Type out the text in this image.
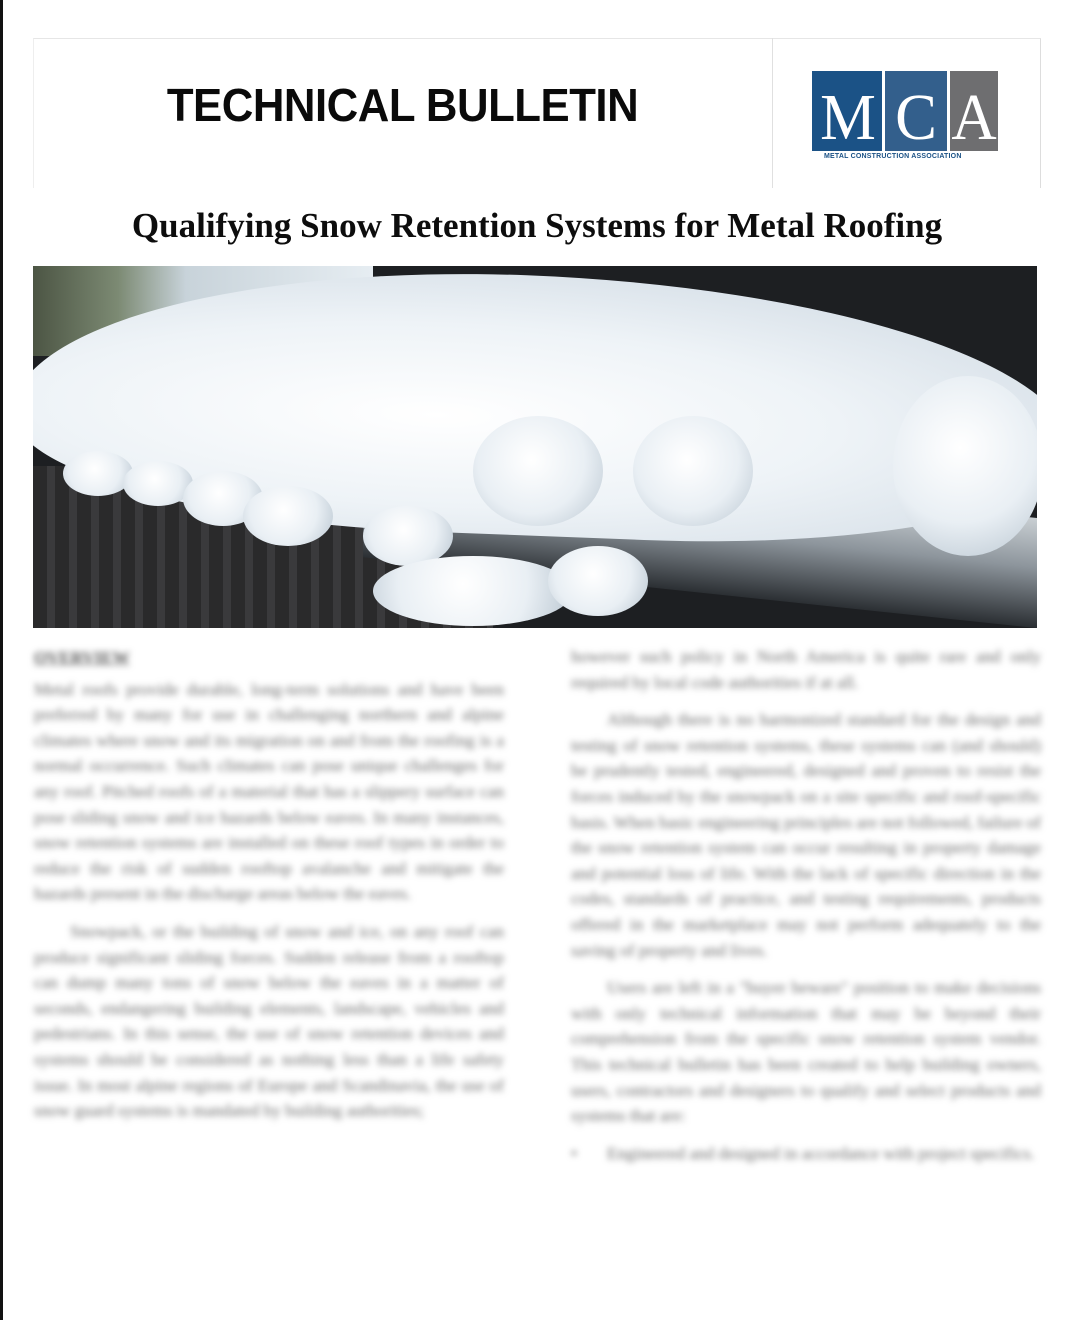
TECHNICAL BULLETIN	M C A
METAL CONSTRUCTION ASSOCIATION
Qualifying Snow Retention Systems for Metal Roofing
OVERVIEW

Metal roofs provide durable, long-term solutions and have been preferred by many for use in challenging northern and alpine climates where snow and its migration on and from the roofing is a normal occurrence. Such climates can pose unique challenges for any roof. Pitched roofs of a material that has a slippery surface can pose sliding snow and ice hazards below eaves. In many instances, snow retention systems are installed on these roof types in order to reduce the risk of sudden rooftop avalanche and mitigate the hazards present in the discharge areas below the eaves.

Snowpack, or the building of snow and ice, on any roof can produce significant sliding forces. Sudden release from a rooftop can dump many tons of snow below the eaves in a matter of seconds, endangering building elements, landscape, vehicles and pedestrians. In this sense, the use of snow retention devices and systems should be considered as nothing less than a life safety issue. In most alpine regions of Europe and Scandinavia, the use of snow guard systems is mandated by building authorities;

however such policy in North America is quite rare and only required by local code authorities if at all.

Although there is no harmonized standard for the design and testing of snow retention systems, these systems can (and should) be prudently tested, engineered, designed and proven to resist the forces induced by the snowpack on a site specific and roof-specific basis. When basic engineering principles are not followed, failure of the snow retention system can occur resulting in property damage and potential loss of life. With the lack of specific direction in the codes, standards of practice, and testing requirements, products offered in the marketplace may not perform adequately to the saving of property and lives.

Users are left in a "buyer beware" position to make decisions with only technical information that may be beyond their comprehension from the specific snow retention system vendor. This technical bulletin has been created to help building owners, users, contractors and designers to qualify and select products and systems that are:

•	Engineered and designed in accordance with project specifics.
